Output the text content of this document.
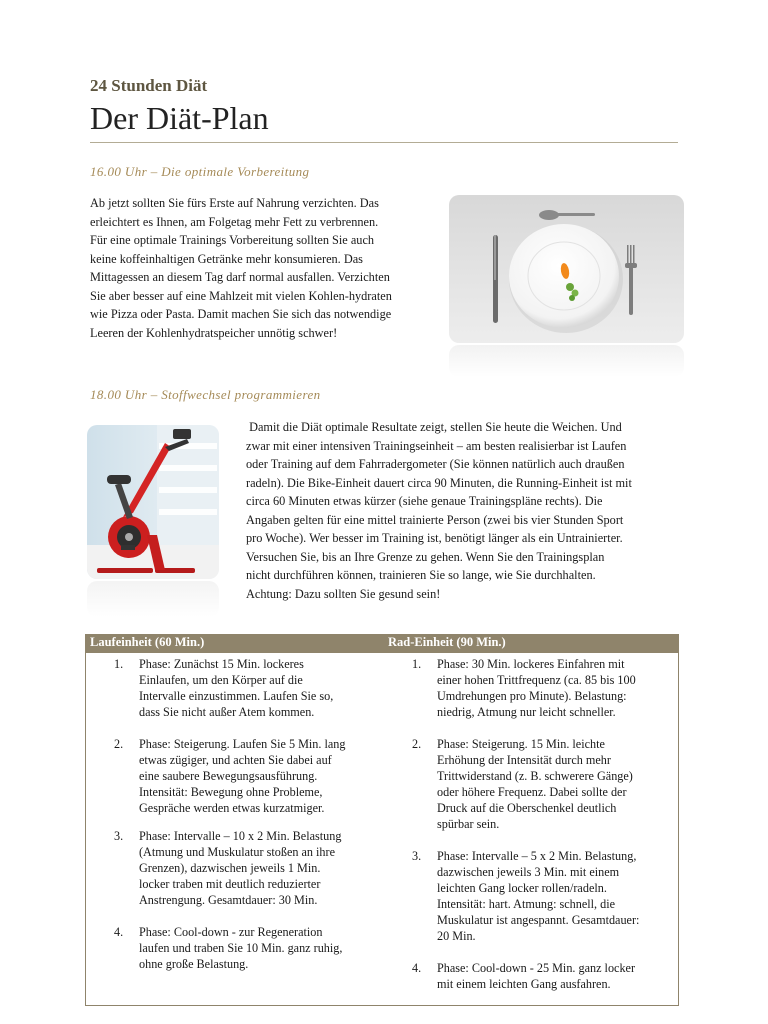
24 Stunden Diät
Der Diät-Plan
16.00 Uhr – Die optimale Vorbereitung
Ab jetzt sollten Sie fürs Erste auf Nahrung verzichten. Das
erleichtert es Ihnen, am Folgetag mehr Fett zu verbrennen.
Für eine optimale Trainings Vorbereitung sollten Sie auch
keine koffeinhaltigen Getränke mehr konsumieren. Das
Mittagessen an diesem Tag darf normal ausfallen. Verzichten
Sie aber besser auf eine Mahlzeit mit vielen Kohlen-hydraten
wie Pizza oder Pasta. Damit machen Sie sich das notwendige
Leeren der Kohlenhydratspeicher unnötig schwer!
18.00 Uhr – Stoffwechsel programmieren
Damit die Diät optimale Resultate zeigt, stellen Sie heute die Weichen. Und
zwar mit einer intensiven Trainingseinheit – am besten realisierbar ist Laufen
oder Training auf dem Fahrradergometer (Sie können natürlich auch draußen
radeln). Die Bike-Einheit dauert circa 90 Minuten, die Running-Einheit ist mit
circa 60 Minuten etwas kürzer (siehe genaue Trainingspläne rechts). Die
Angaben gelten für eine mittel trainierte Person (zwei bis vier Stunden Sport
pro Woche). Wer besser im Training ist, benötigt länger als ein Untrainierter.
Versuchen Sie, bis an Ihre Grenze zu gehen. Wenn Sie den Trainingsplan
nicht durchführen können, trainieren Sie so lange, wie Sie durchhalten.
Achtung: Dazu sollten Sie gesund sein!
Laufeinheit (60 Min.)	Rad-Einheit (90 Min.)
1. Phase: Zunächst 15 Min. lockeres
Einlaufen, um den Körper auf die
Intervalle einzustimmen. Laufen Sie so,
dass Sie nicht außer Atem kommen.
2. Phase: Steigerung. Laufen Sie 5 Min. lang
etwas zügiger, und achten Sie dabei auf
eine saubere Bewegungsausführung.
Intensität: Bewegung ohne Probleme,
Gespräche werden etwas kurzatmiger.
3. Phase: Intervalle – 10 x 2 Min. Belastung
(Atmung und Muskulatur stoßen an ihre
Grenzen), dazwischen jeweils 1 Min.
locker traben mit deutlich reduzierter
Anstrengung. Gesamtdauer: 30 Min.
4. Phase: Cool-down - zur Regeneration
laufen und traben Sie 10 Min. ganz ruhig,
ohne große Belastung.
1. Phase: 30 Min. lockeres Einfahren mit
einer hohen Trittfrequenz (ca. 85 bis 100
Umdrehungen pro Minute). Belastung:
niedrig, Atmung nur leicht schneller.
2. Phase: Steigerung. 15 Min. leichte
Erhöhung der Intensität durch mehr
Trittwiderstand (z. B. schwerere Gänge)
oder höhere Frequenz. Dabei sollte der
Druck auf die Oberschenkel deutlich
spürbar sein.
3. Phase: Intervalle – 5 x 2 Min. Belastung,
dazwischen jeweils 3 Min. mit einem
leichten Gang locker rollen/radeln.
Intensität: hart. Atmung: schnell, die
Muskulatur ist angespannt. Gesamtdauer:
20 Min.
4. Phase: Cool-down - 25 Min. ganz locker
mit einem leichten Gang ausfahren.
